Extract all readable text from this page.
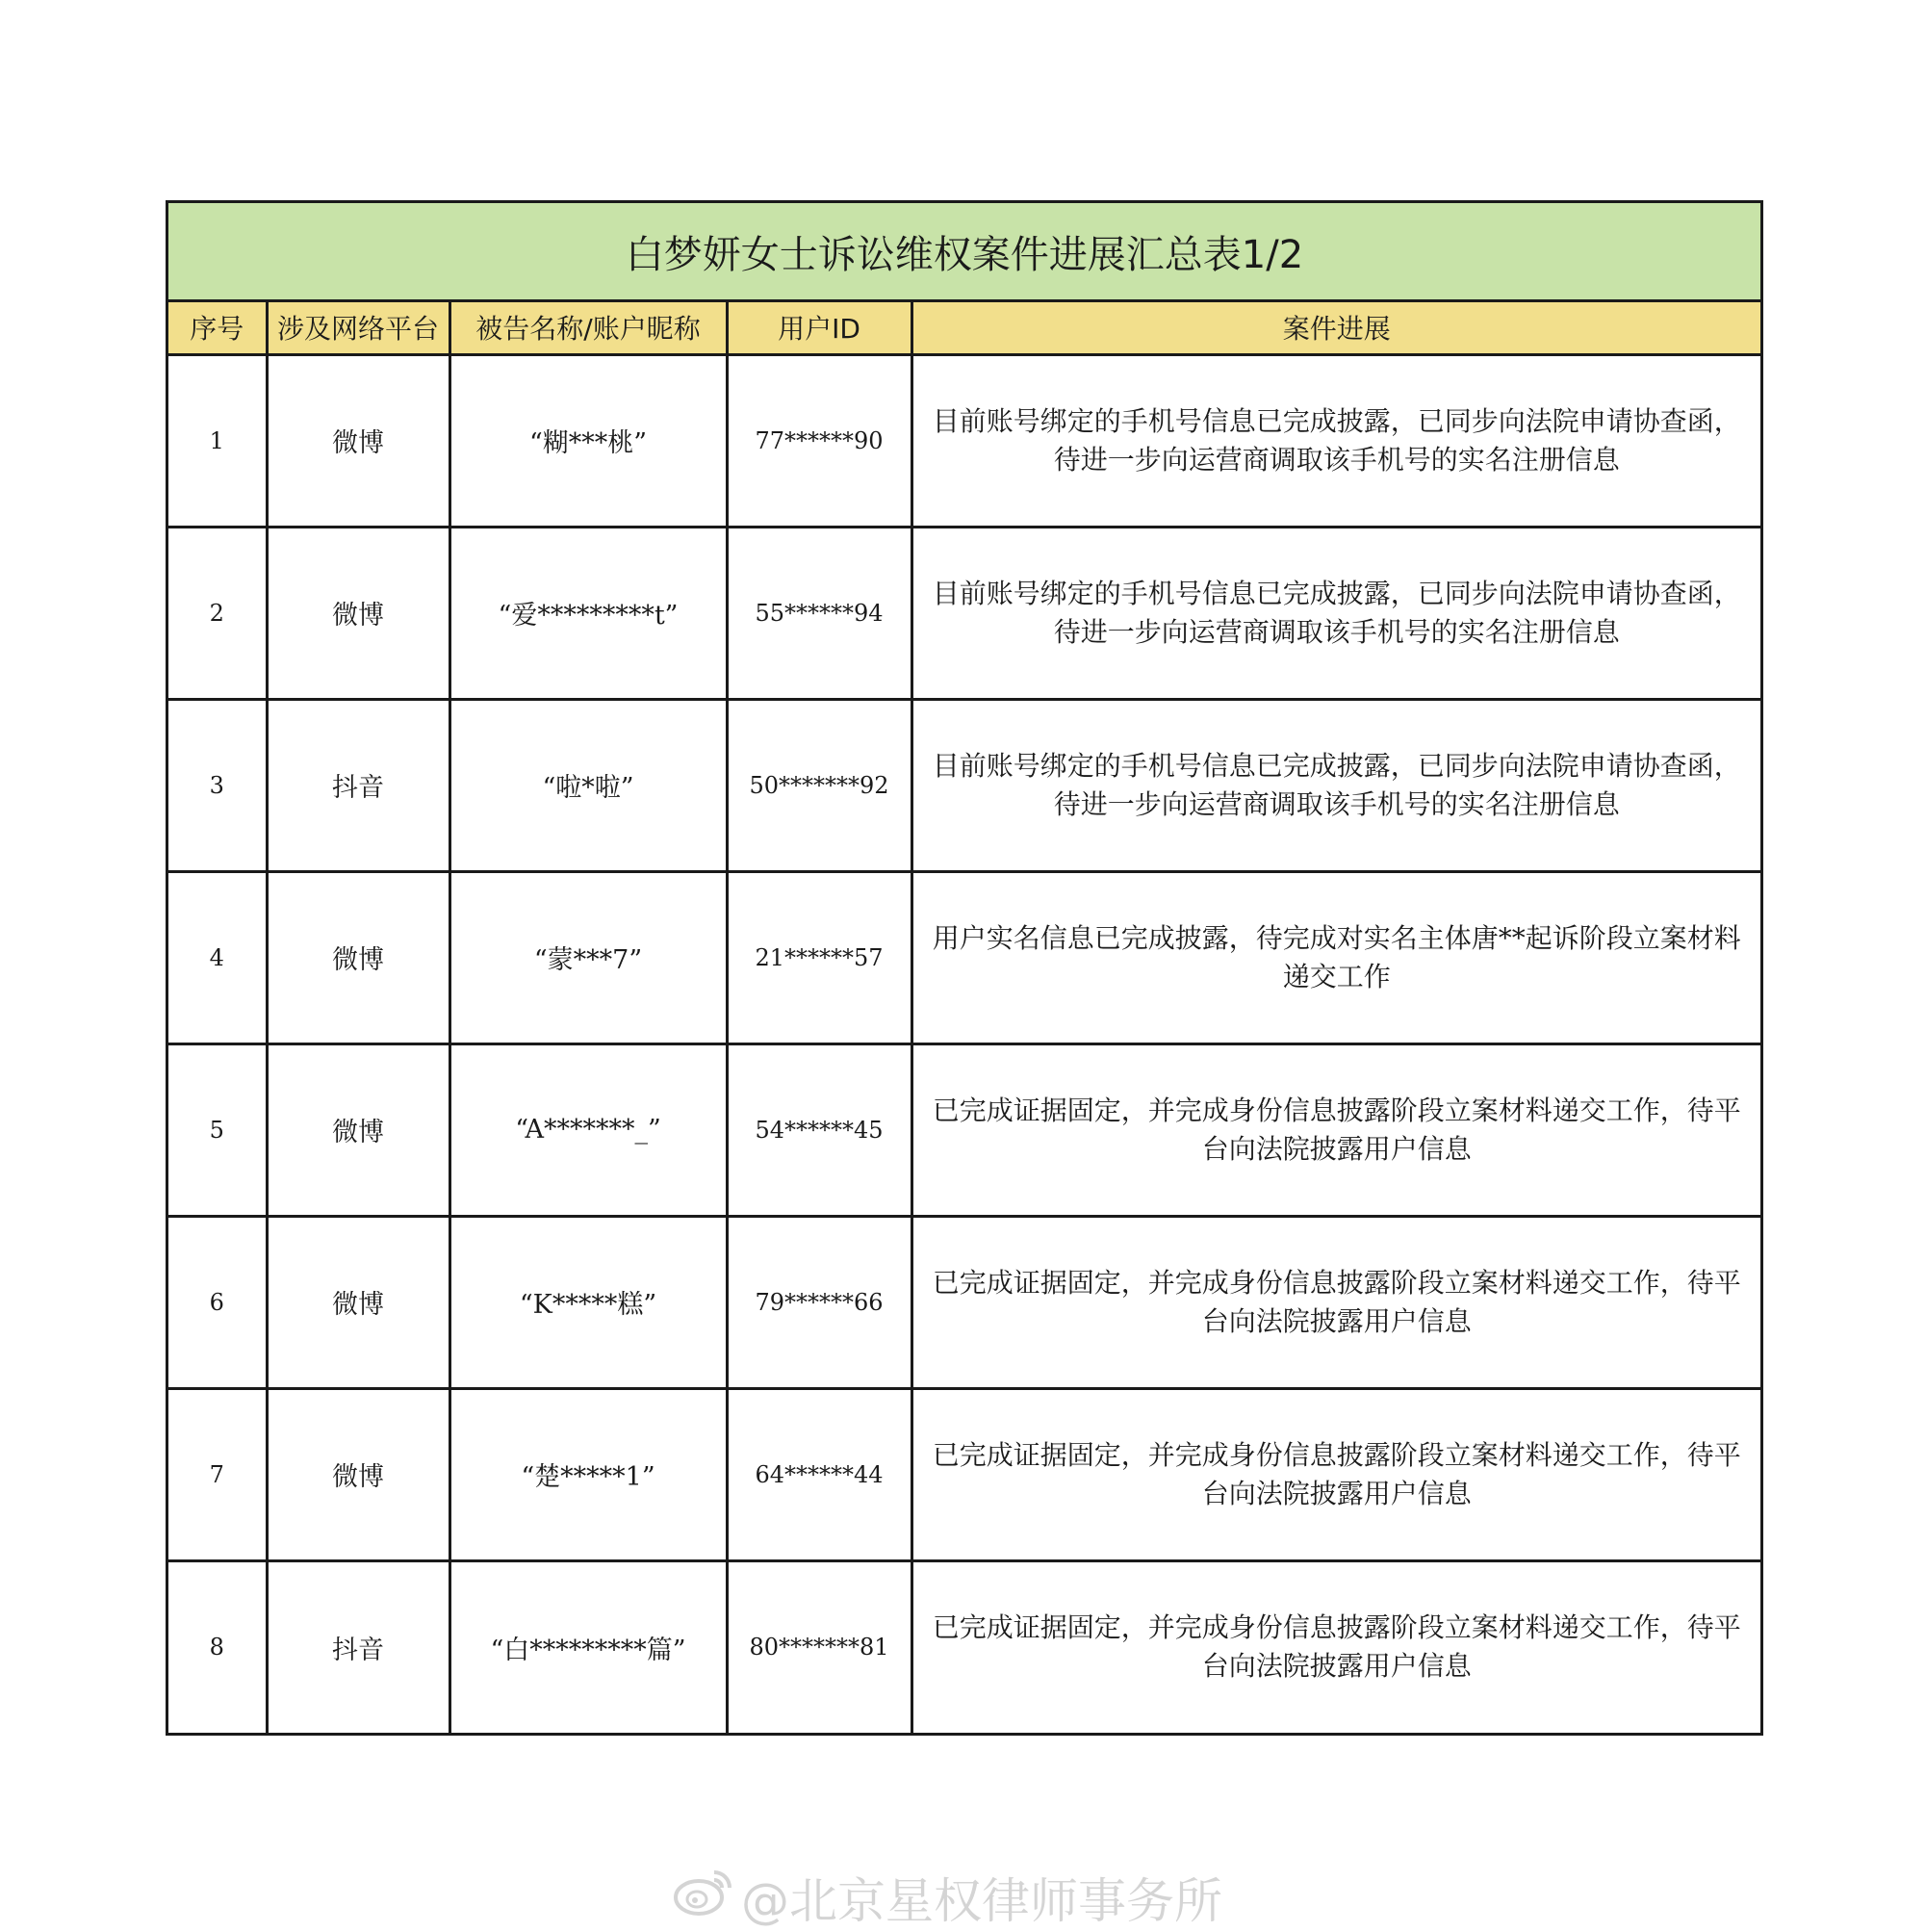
白梦妍女士诉讼维权案件进展汇总表1/2
序号	涉及网络平台	被告名称/账户昵称	用户ID	案件进展
1	微博	“糊***桃”	77******90	目前账号绑定的手机号信息已完成披露，已同步向法院申请协查函，待进一步向运营商调取该手机号的实名注册信息
2	微博	“爱*********t”	55******94	目前账号绑定的手机号信息已完成披露，已同步向法院申请协查函，待进一步向运营商调取该手机号的实名注册信息
3	抖音	“啦*啦”	50*******92	目前账号绑定的手机号信息已完成披露，已同步向法院申请协查函，待进一步向运营商调取该手机号的实名注册信息
4	微博	“蒙***7”	21******57	用户实名信息已完成披露，待完成对实名主体唐**起诉阶段立案材料递交工作
5	微博	“A*******_”	54******45	已完成证据固定，并完成身份信息披露阶段立案材料递交工作，待平台向法院披露用户信息
6	微博	“K*****糕”	79******66	已完成证据固定，并完成身份信息披露阶段立案材料递交工作，待平台向法院披露用户信息
7	微博	“楚*****1”	64******44	已完成证据固定，并完成身份信息披露阶段立案材料递交工作，待平台向法院披露用户信息
8	抖音	“白*********篇”	80*******81	已完成证据固定，并完成身份信息披露阶段立案材料递交工作，待平台向法院披露用户信息
@北京星权律师事务所
